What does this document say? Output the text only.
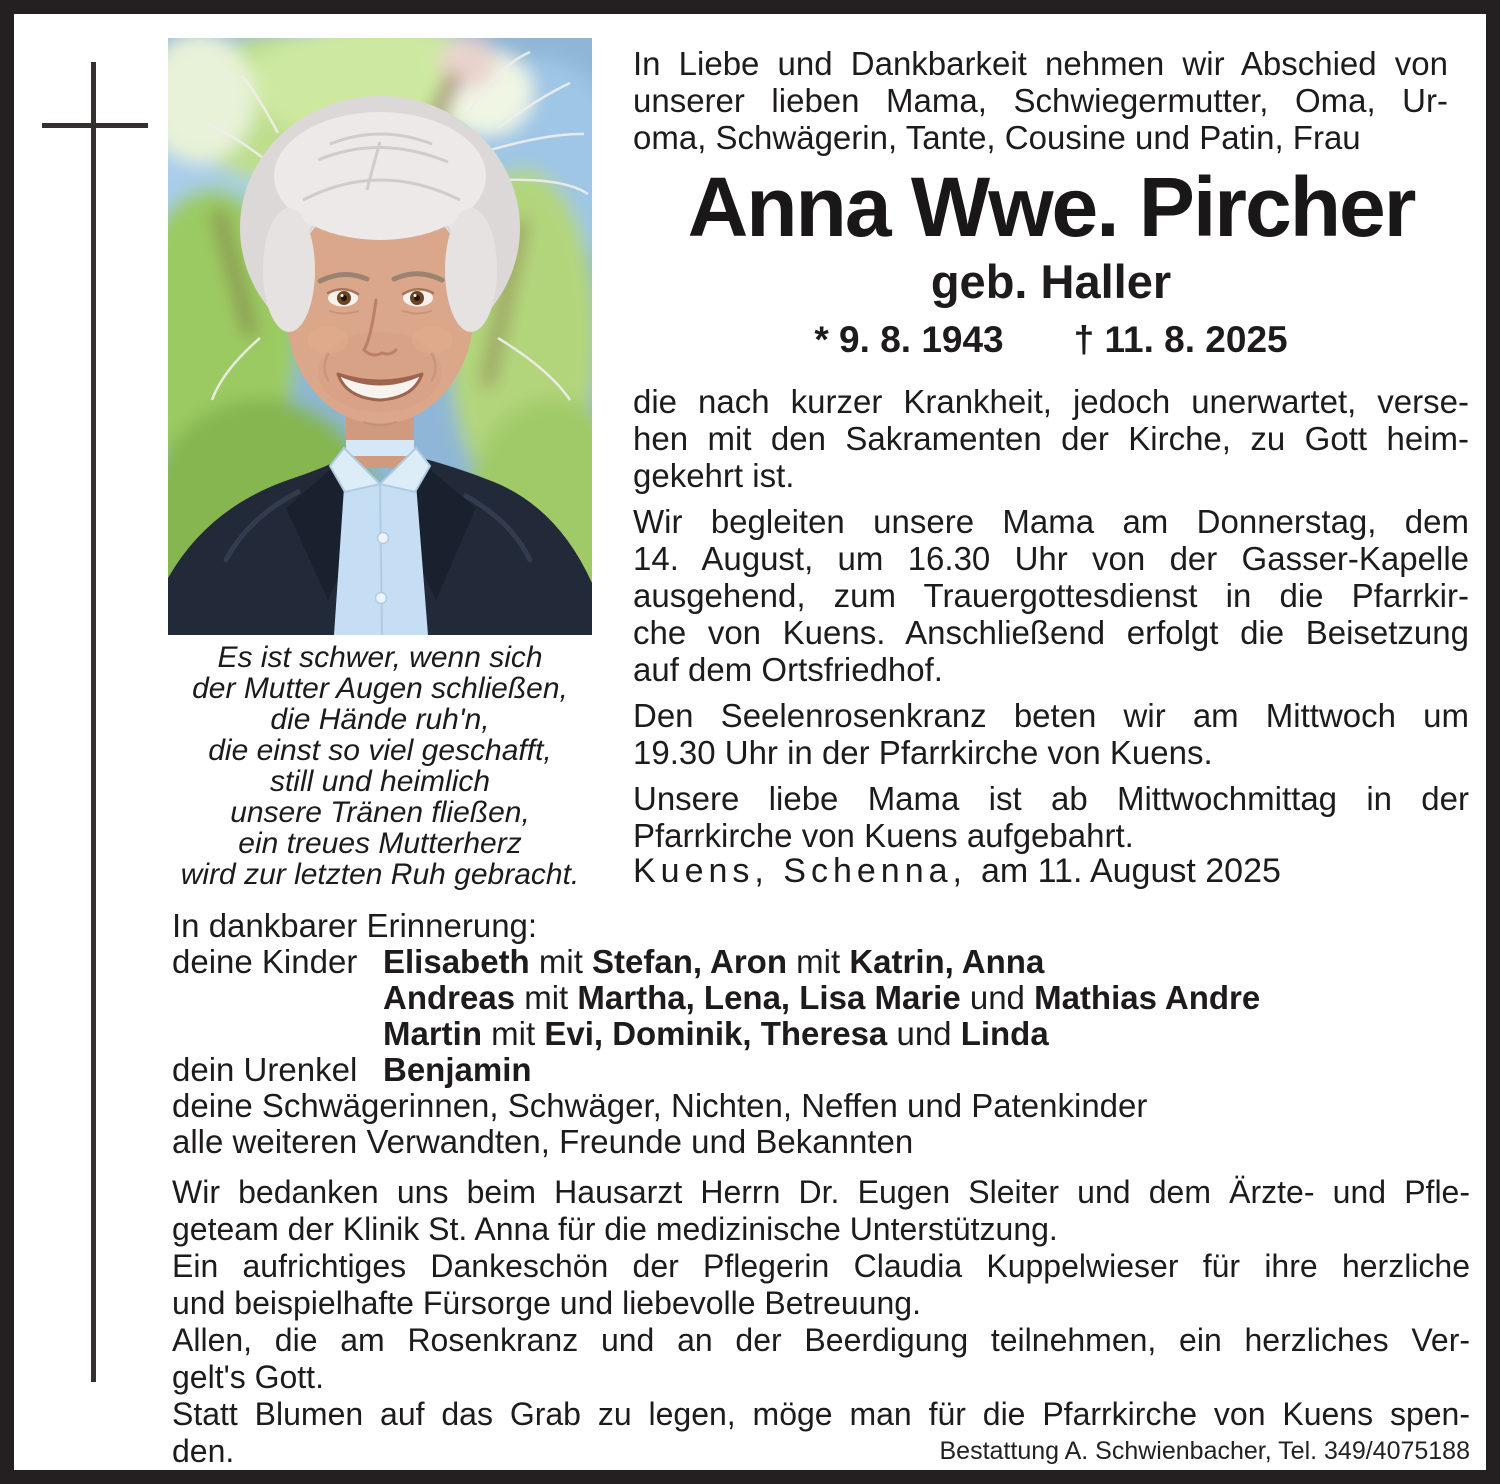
Es ist schwer, wenn sich
der Mutter Augen schließen,
die Hände ruh'n,
die einst so viel geschafft,
still und heimlich
unsere Tränen fließen,
ein treues Mutterherz
wird zur letzten Ruh gebracht.
In Liebe und Dankbarkeit nehmen wir Abschied von
unserer lieben Mama, Schwiegermutter, Oma, Ur-
oma, Schwägerin, Tante, Cousine und Patin, Frau
Anna Wwe. Pircher
geb. Haller
* 9. 8. 1943 † 11. 8. 2025
die nach kurzer Krankheit, jedoch unerwartet, verse-
hen mit den Sakramenten der Kirche, zu Gott heim-
gekehrt ist.
Wir begleiten unsere Mama am Donnerstag, dem
14. August, um 16.30 Uhr von der Gasser-Kapelle
ausgehend, zum Trauergottesdienst in die Pfarrkir-
che von Kuens. Anschließend erfolgt die Beisetzung
auf dem Ortsfriedhof.
Den Seelenrosenkranz beten wir am Mittwoch um
19.30 Uhr in der Pfarrkirche von Kuens.
Unsere liebe Mama ist ab Mittwochmittag in der
Pfarrkirche von Kuens aufgebahrt.
Kuens, Schenna, am 11. August 2025
In dankbarer Erinnerung:
deine Kinder Elisabeth mit Stefan, Aron mit Katrin, Anna
Andreas mit Martha, Lena, Lisa Marie und Mathias Andre
Martin mit Evi, Dominik, Theresa und Linda
dein Urenkel Benjamin
deine Schwägerinnen, Schwäger, Nichten, Neffen und Patenkinder
alle weiteren Verwandten, Freunde und Bekannten
Wir bedanken uns beim Hausarzt Herrn Dr. Eugen Sleiter und dem Ärzte- und Pfle-
geteam der Klinik St. Anna für die medizinische Unterstützung.
Ein aufrichtiges Dankeschön der Pflegerin Claudia Kuppelwieser für ihre herzliche
und beispielhafte Fürsorge und liebevolle Betreuung.
Allen, die am Rosenkranz und an der Beerdigung teilnehmen, ein herzliches Ver-
gelt's Gott.
Statt Blumen auf das Grab zu legen, möge man für die Pfarrkirche von Kuens spen-
den.	Bestattung A. Schwienbacher, Tel. 349/4075188
